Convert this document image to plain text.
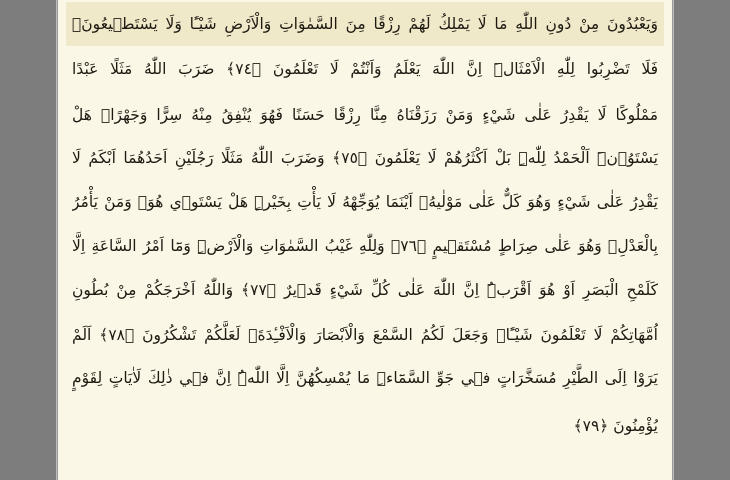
وَيَعْبُدُونَ مِنْ دُونِ اللّٰهِ مَا لَا يَمْلِكُ لَهُمْ رِزْقًا مِنَ السَّمٰوَاتِ وَالْاَرْضِ شَيْـًٔا وَلَا يَسْتَط۪يعُونَۚ
فَلَا تَضْرِبُوا لِلّٰهِ الْاَمْثَالَۜ اِنَّ اللّٰهَ يَعْلَمُ وَاَنْتُمْ لَا تَعْلَمُونَ ﴿٧٤﴾ ضَرَبَ اللّٰهُ مَثَلًا عَبْدًا
مَمْلُوكًا لَا يَقْدِرُ عَلٰى شَيْءٍ وَمَنْ رَزَقْنَاهُ مِنَّا رِزْقًا حَسَنًا فَهُوَ يُنْفِقُ مِنْهُ سِرًّا وَجَهْرًاۜ هَلْ
يَسْتَوُ۫نَۜ اَلْحَمْدُ لِلّٰهِۜ بَلْ اَكْثَرُهُمْ لَا يَعْلَمُونَ ﴿٧٥﴾ وَضَرَبَ اللّٰهُ مَثَلًا رَجُلَيْنِ اَحَدُهُمَا اَبْكَمُ لَا
يَقْدِرُ عَلٰى شَيْءٍ وَهُوَ كَلٌّ عَلٰى مَوْلٰيهُۙ اَيْنَمَا يُوَجِّهْهُ لَا يَأْتِ بِخَيْرٍۜ هَلْ يَسْتَو۪ي هُوَۙ وَمَنْ يَأْمُرُ
بِالْعَدْلِۙ وَهُوَ عَلٰى صِرَاطٍ مُسْتَق۪يمٍ ﴿٧٦﴾ وَلِلّٰهِ غَيْبُ السَّمٰوَاتِ وَالْاَرْضِۜ وَمَٓا اَمْرُ السَّاعَةِ اِلَّا
كَلَمْحِ الْبَصَرِ اَوْ هُوَ اَقْرَبُۜ اِنَّ اللّٰهَ عَلٰى كُلِّ شَيْءٍ قَد۪يرٌ ﴿٧٧﴾ وَاللّٰهُ اَخْرَجَكُمْ مِنْ بُطُونِ
اُمَّهَاتِكُمْ لَا تَعْلَمُونَ شَيْـًٔاۙ وَجَعَلَ لَكُمُ السَّمْعَ وَالْاَبْصَارَ وَالْاَفْـِٔدَةَۙ لَعَلَّكُمْ تَشْكُرُونَ ﴿٧٨﴾ اَلَمْ
يَرَوْا اِلَى الطَّيْرِ مُسَخَّرَاتٍ ف۪ي جَوِّ السَّمَٓاءِۜ مَا يُمْسِكُهُنَّ اِلَّا اللّٰهُۜ اِنَّ ف۪ي ذٰلِكَ لَاٰيَاتٍ لِقَوْمٍ
يُؤْمِنُونَ ﴿٧٩﴾
